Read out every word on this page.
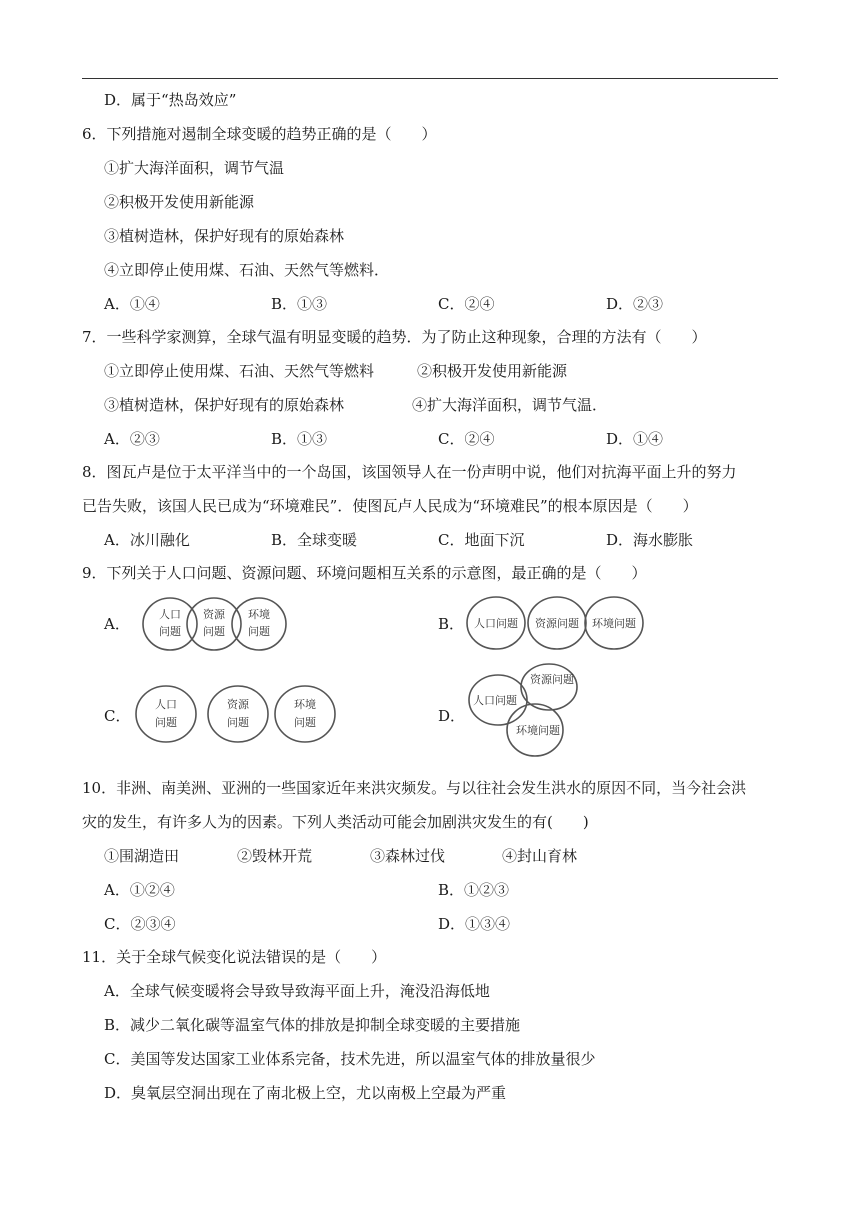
D．属于“热岛效应”
6．下列措施对遏制全球变暖的趋势正确的是（　　）
①扩大海洋面积，调节气温
②积极开发使用新能源
③植树造林，保护好现有的原始森林
④立即停止使用煤、石油、天然气等燃料．
A．①④	B．①③	C．②④	D．②③
7．一些科学家测算，全球气温有明显变暖的趋势．为了防止这种现象，合理的方法有（　　）
①立即停止使用煤、石油、天然气等燃料	②积极开发使用新能源
③植树造林，保护好现有的原始森林	④扩大海洋面积，调节气温．
A．②③	B．①③	C．②④	D．①④
8．图瓦卢是位于太平洋当中的一个岛国，该国领导人在一份声明中说，他们对抗海平面上升的努力
已告失败，该国人民已成为“环境难民”．使图瓦卢人民成为“环境难民”的根本原因是（　　）
A．冰川融化	B．全球变暖	C．地面下沉	D．海水膨胀
9．下列关于人口问题、资源问题、环境问题相互关系的示意图，最正确的是（　　）
A．	B．
C．	D．
人口
问题
资源
问题
环境
问题
人口问题 资源问题 环境问题
人口
问题
资源
问题
环境
问题
人口问题
资源问题
环境问题
10．非洲、南美洲、亚洲的一些国家近年来洪灾频发。与以往社会发生洪水的原因不同，当今社会洪
灾的发生，有许多人为的因素。下列人类活动可能会加剧洪灾发生的有(　　)
①围湖造田	②毁林开荒	③森林过伐	④封山育林
A．①②④	B．①②③
C．②③④	D．①③④
11．关于全球气候变化说法错误的是（　　）
A．全球气候变暖将会导致导致海平面上升，淹没沿海低地
B．减少二氧化碳等温室气体的排放是抑制全球变暖的主要措施
C．美国等发达国家工业体系完备，技术先进，所以温室气体的排放量很少
D．臭氧层空洞出现在了南北极上空，尤以南极上空最为严重
